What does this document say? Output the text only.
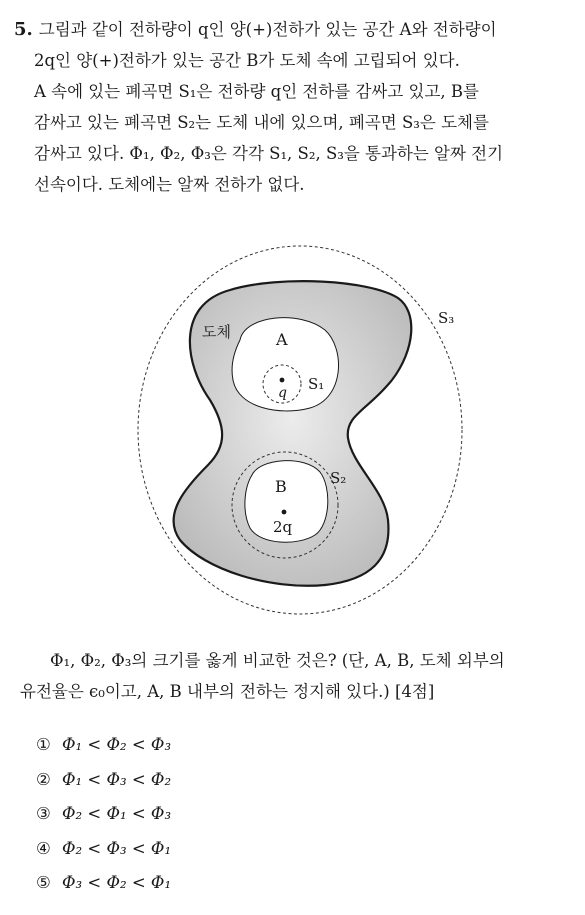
5. 그림과 같이 전하량이 q인 양(+)전하가 있는 공간 A와 전하량이
2q인 양(+)전하가 있는 공간 B가 도체 속에 고립되어 있다.
A 속에 있는 폐곡면 S₁은 전하량 q인 전하를 감싸고 있고, B를
감싸고 있는 폐곡면 S₂는 도체 내에 있으며, 폐곡면 S₃은 도체를
감싸고 있다. Φ₁, Φ₂, Φ₃은 각각 S₁, S₂, S₃을 통과하는 알짜 전기
선속이다. 도체에는 알짜 전하가 없다.
도체	A
B
q
2q
S₁
S₂
S₃
Φ₁, Φ₂, Φ₃의 크기를 옳게 비교한 것은? (단, A, B, 도체 외부의
유전율은 ϵ₀이고, A, B 내부의 전하는 정지해 있다.) [4점]
① Φ₁ < Φ₂ < Φ₃
② Φ₁ < Φ₃ < Φ₂
③ Φ₂ < Φ₁ < Φ₃
④ Φ₂ < Φ₃ < Φ₁
⑤ Φ₃ < Φ₂ < Φ₁
